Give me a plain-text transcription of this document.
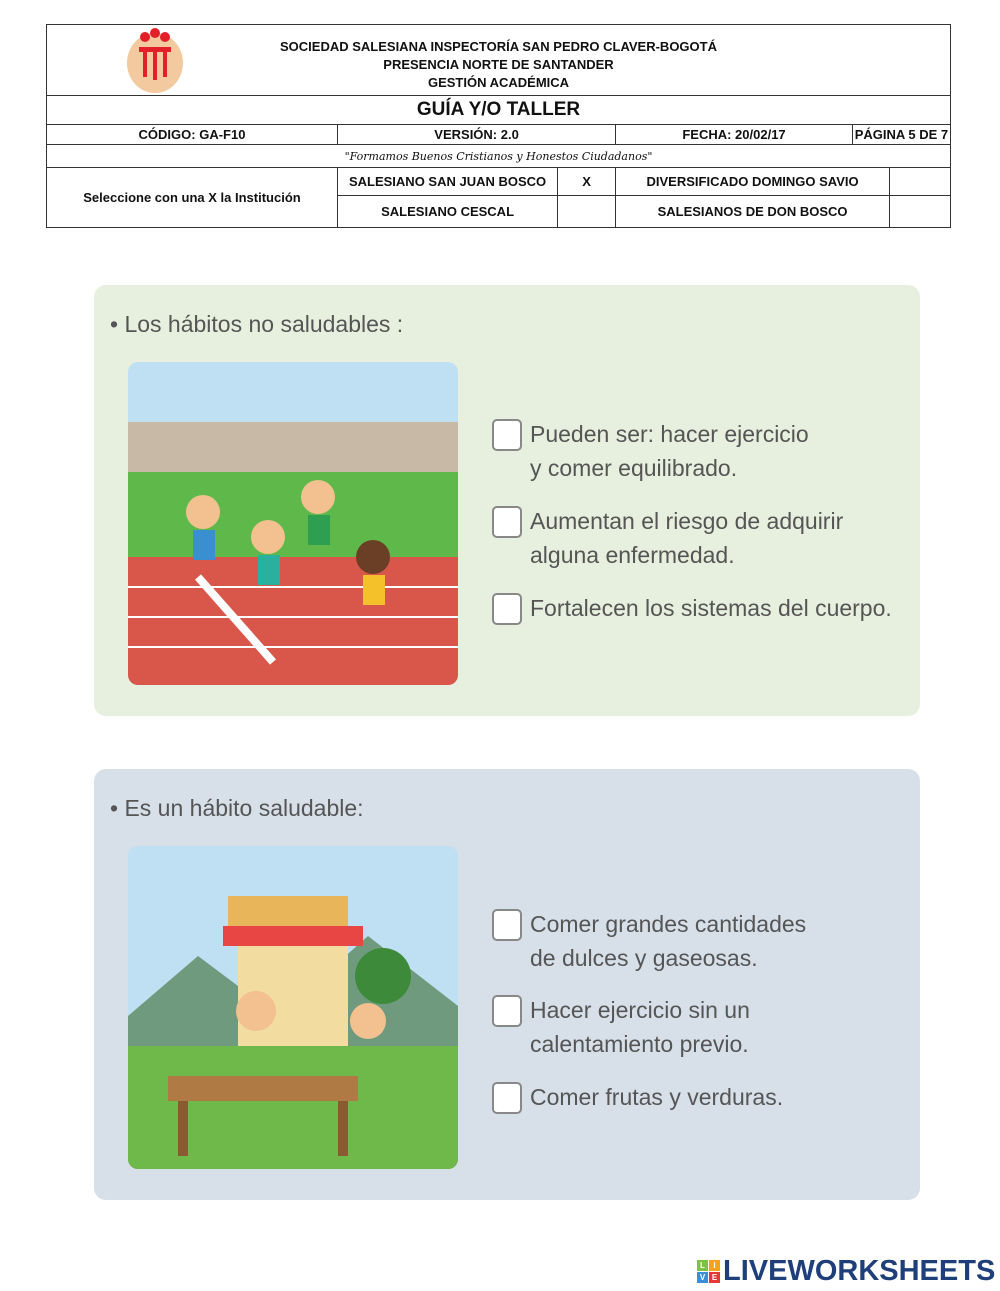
SOCIEDAD SALESIANA INSPECTORÍA SAN PEDRO CLAVER-BOGOTÁ
PRESENCIA NORTE DE SANTANDER
GESTIÓN ACADÉMICA					

GUÍA Y/O TALLER					
CÓDIGO: GA-F10	VERSIÓN: 2.0		FECHA: 20/02/17	PÁGINA 5 DE 7	
"Formamos Buenos Cristianos y Honestos Ciudadanos"					
Seleccione con una X la Institución	SALESIANO SAN JUAN BOSCO	X	DIVERSIFICADO DOMINGO SAVIO		
	SALESIANO CESCAL		SALESIANOS DE DON BOSCO		
• Los hábitos no saludables :
Pueden ser: hacer ejercicio
y comer equilibrado.
Aumentan el riesgo de adquirir
alguna enfermedad.
Fortalecen los sistemas del cuerpo.
• Es un hábito saludable:
Comer grandes cantidades
de dulces y gaseosas.
Hacer ejercicio sin un
calentamiento previo.
Comer frutas y verduras.
L	I
V E LIVEWORKSHEETS
